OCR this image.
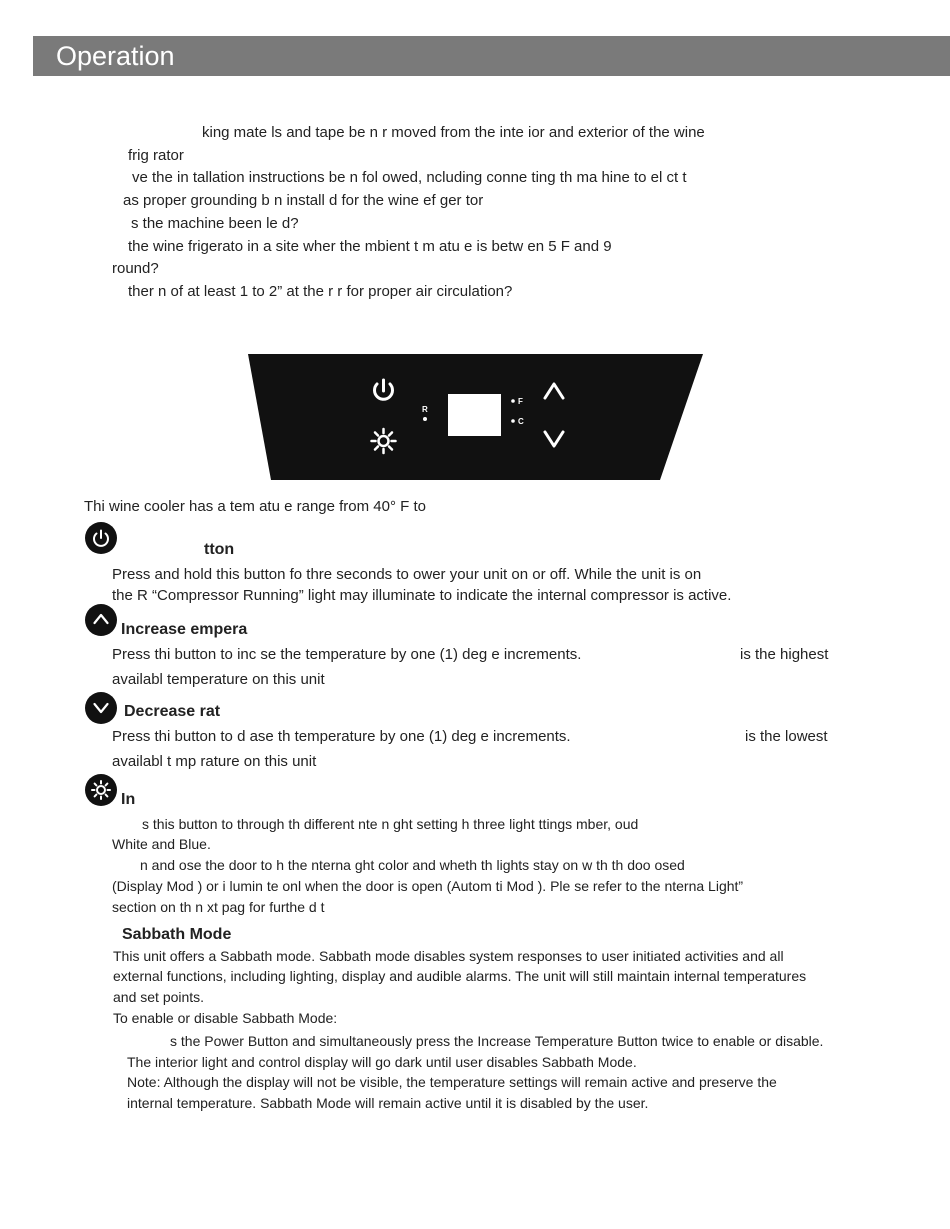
Operation
king mate ls and tape be n r moved from the inte ior and exterior of the wine
frig rator
ve the in tallation instructions be n fol owed, ncluding conne ting th ma hine to el ct t
as proper grounding b n install d for the wine ef ger tor
s the machine been le d?
the wine frigerato in a site wher the mbient t m atu e is betw en 5 F and 9
round?
ther n of at least 1 to 2” at the r r for proper air circulation?
R
F
C
Thi wine cooler has a tem atu e range from 40° F to
tton
Press and hold this button fo thre seconds to ower your unit on or off. While the unit is on
the R “Compressor Running” light may illuminate to indicate the internal compressor is active.
Increase empera
Press thi button to inc se the temperature by one (1) deg e increments.	is the highest
availabl temperature on this unit
Decrease rat
Press thi button to d ase th temperature by one (1) deg e increments.	is the lowest
availabl t mp rature on this unit
In
s this button to through th different nte n ght setting h three light ttings mber, oud
White and Blue.
n and ose the door to h the nterna ght color and wheth th lights stay on w th th doo osed
(Display Mod ) or i lumin te onl when the door is open (Autom ti Mod ). Ple se refer to the nterna Light”
section on th n xt pag for furthe d t
Sabbath Mode
This unit offers a Sabbath mode. Sabbath mode disables system responses to user initiated activities and all
external functions, including lighting, display and audible alarms. The unit will still maintain internal temperatures
and set points.
To enable or disable Sabbath Mode:
s the Power Button and simultaneously press the Increase Temperature Button twice to enable or disable.
The interior light and control display will go dark until user disables Sabbath Mode.
Note: Although the display will not be visible, the temperature settings will remain active and preserve the
internal temperature. Sabbath Mode will remain active until it is disabled by the user.
